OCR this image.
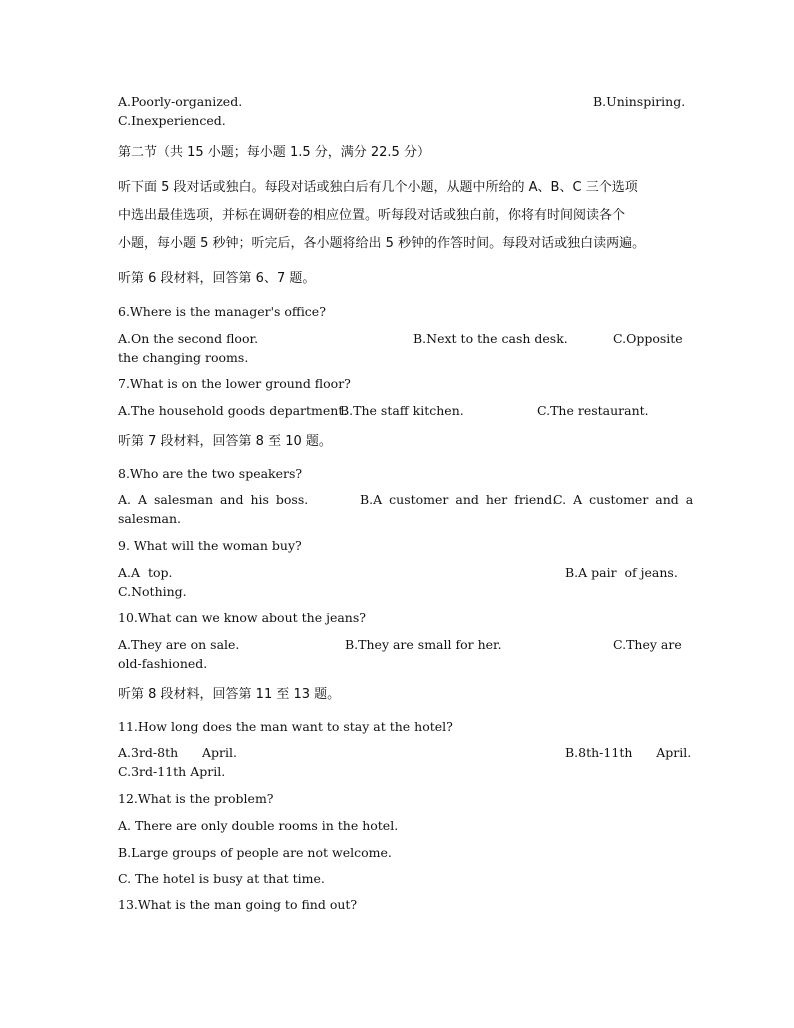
A.Poorly-organized.	B.Uninspiring.
C.Inexperienced.
第二节（共 15 小题；每小题 1.5 分，满分 22.5 分）
听下面 5 段对话或独白。每段对话或独白后有几个小题，从题中所给的 A、B、C 三个选项
中选出最佳选项，并标在调研卷的相应位置。听每段对话或独白前，你将有时间阅读各个
小题，每小题 5 秒钟；听完后，各小题将给出 5 秒钟的作答时间。每段对话或独白读两遍。
听第 6 段材料，回答第 6、7 题。
6.Where is the manager's office?
A.On the second floor.	B.Next to the cash desk.	C.Opposite
the changing rooms.
7.What is on the lower ground floor?
A.The household goods department.
B.The staff kitchen.	C.The restaurant.
听第 7 段材料，回答第 8 至 10 题。
8.Who are the two speakers?
A. A salesman and his boss.	B.A customer and her friend.
C. A customer and a
salesman.
9. What will the woman buy?
A.A  top.	B.A pair  of jeans.
C.Nothing.
10.What can we know about the jeans?
A.They are on sale.	B.They are small for her.	C.They are
old-fashioned.
听第 8 段材料，回答第 11 至 13 题。
11.How long does the man want to stay at the hotel?
A.3rd-8th      April.	B.8th-11th      April.
C.3rd-11th April.
12.What is the problem?
A. There are only double rooms in the hotel.
B.Large groups of people are not welcome.
C. The hotel is busy at that time.
13.What is the man going to find out?
